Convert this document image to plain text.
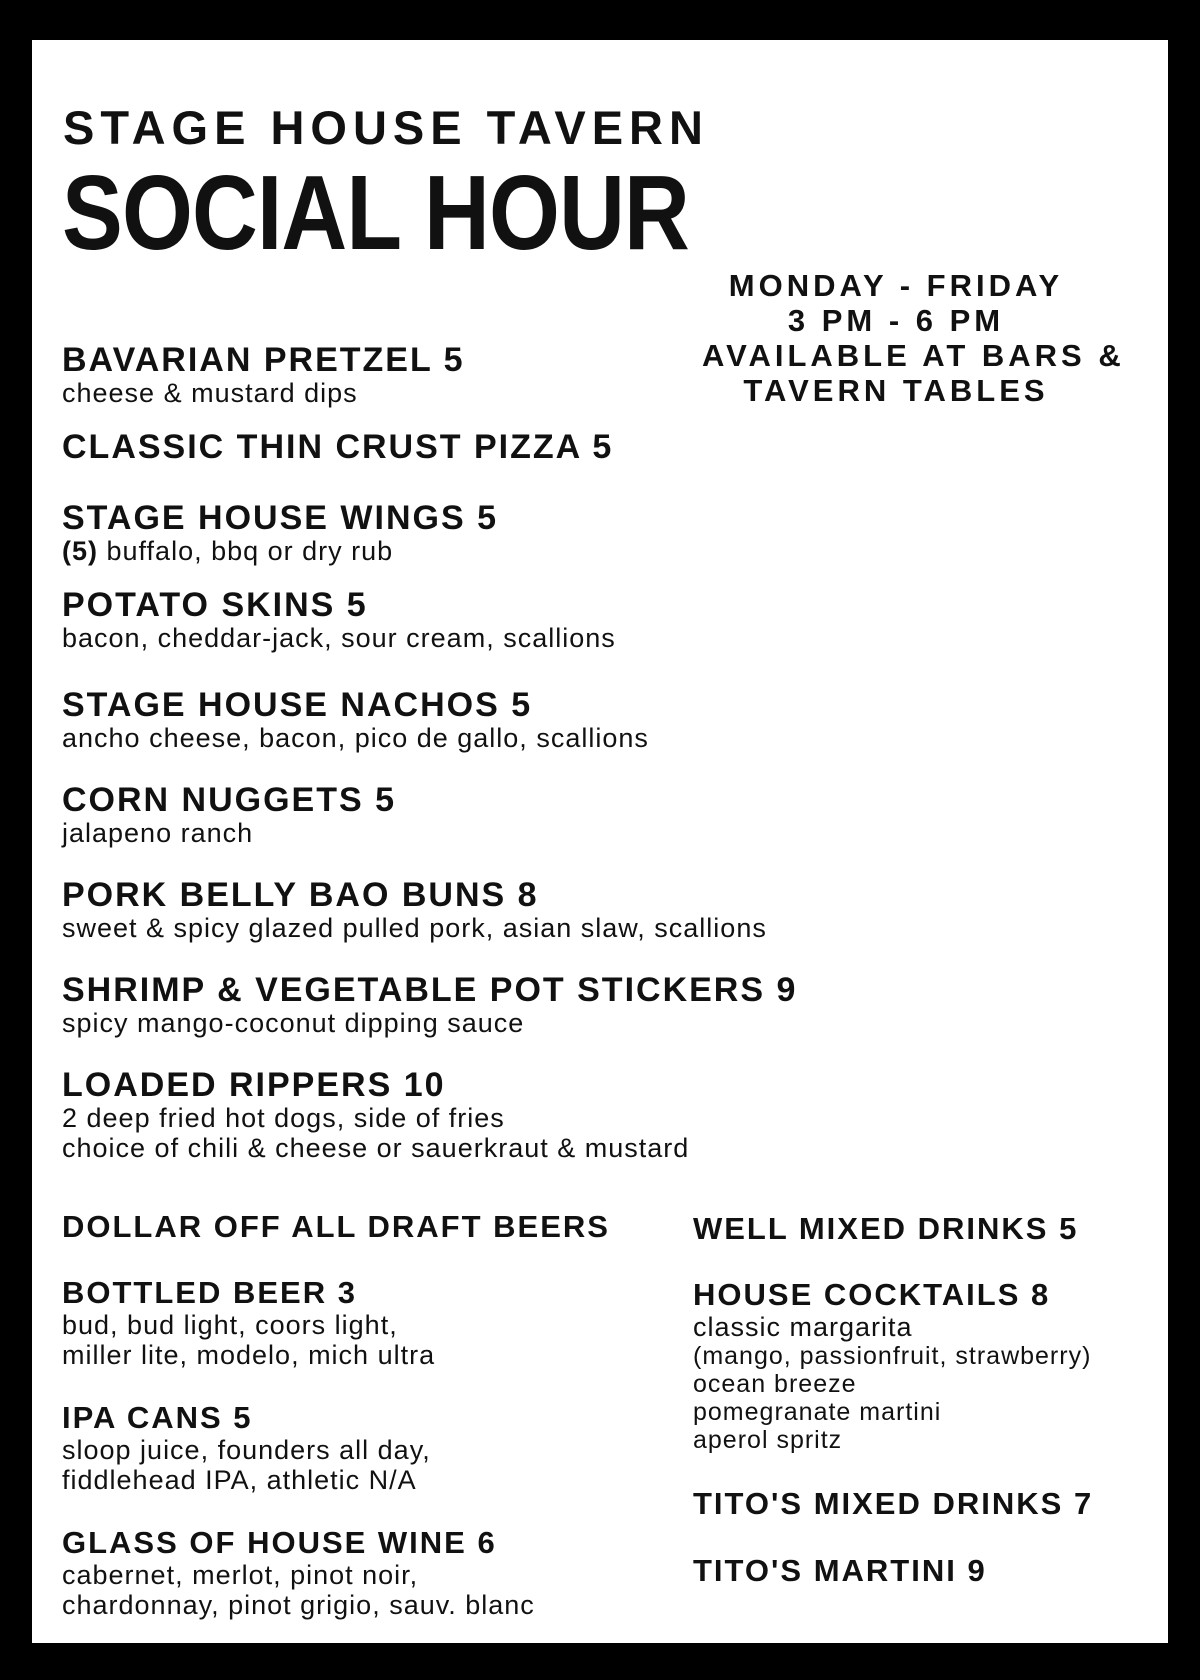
STAGE HOUSE TAVERN
SOCIAL HOUR
MONDAY - FRIDAY
3 PM - 6 PM
AVAILABLE AT BARS &
TAVERN TABLES
BAVARIAN PRETZEL 5
cheese & mustard dips
CLASSIC THIN CRUST PIZZA 5
STAGE HOUSE WINGS 5
(5) buffalo, bbq or dry rub
POTATO SKINS 5
bacon, cheddar-jack, sour cream, scallions
STAGE HOUSE NACHOS 5
ancho cheese, bacon, pico de gallo, scallions
CORN NUGGETS 5
jalapeno ranch
PORK BELLY BAO BUNS 8
sweet & spicy glazed pulled pork, asian slaw, scallions
SHRIMP & VEGETABLE POT STICKERS 9
spicy mango-coconut dipping sauce
LOADED RIPPERS 10
2 deep fried hot dogs, side of fries
choice of chili & cheese or sauerkraut & mustard
DOLLAR OFF ALL DRAFT BEERS
BOTTLED BEER 3
bud, bud light, coors light,
miller lite, modelo, mich ultra
IPA CANS 5
sloop juice, founders all day,
fiddlehead IPA, athletic N/A
GLASS OF HOUSE WINE 6
cabernet, merlot, pinot noir,
chardonnay, pinot grigio, sauv. blanc
WELL MIXED DRINKS 5
HOUSE COCKTAILS 8
classic margarita
(mango, passionfruit, strawberry)
ocean breeze
pomegranate martini
aperol spritz
TITO'S MIXED DRINKS 7
TITO'S MARTINI 9
